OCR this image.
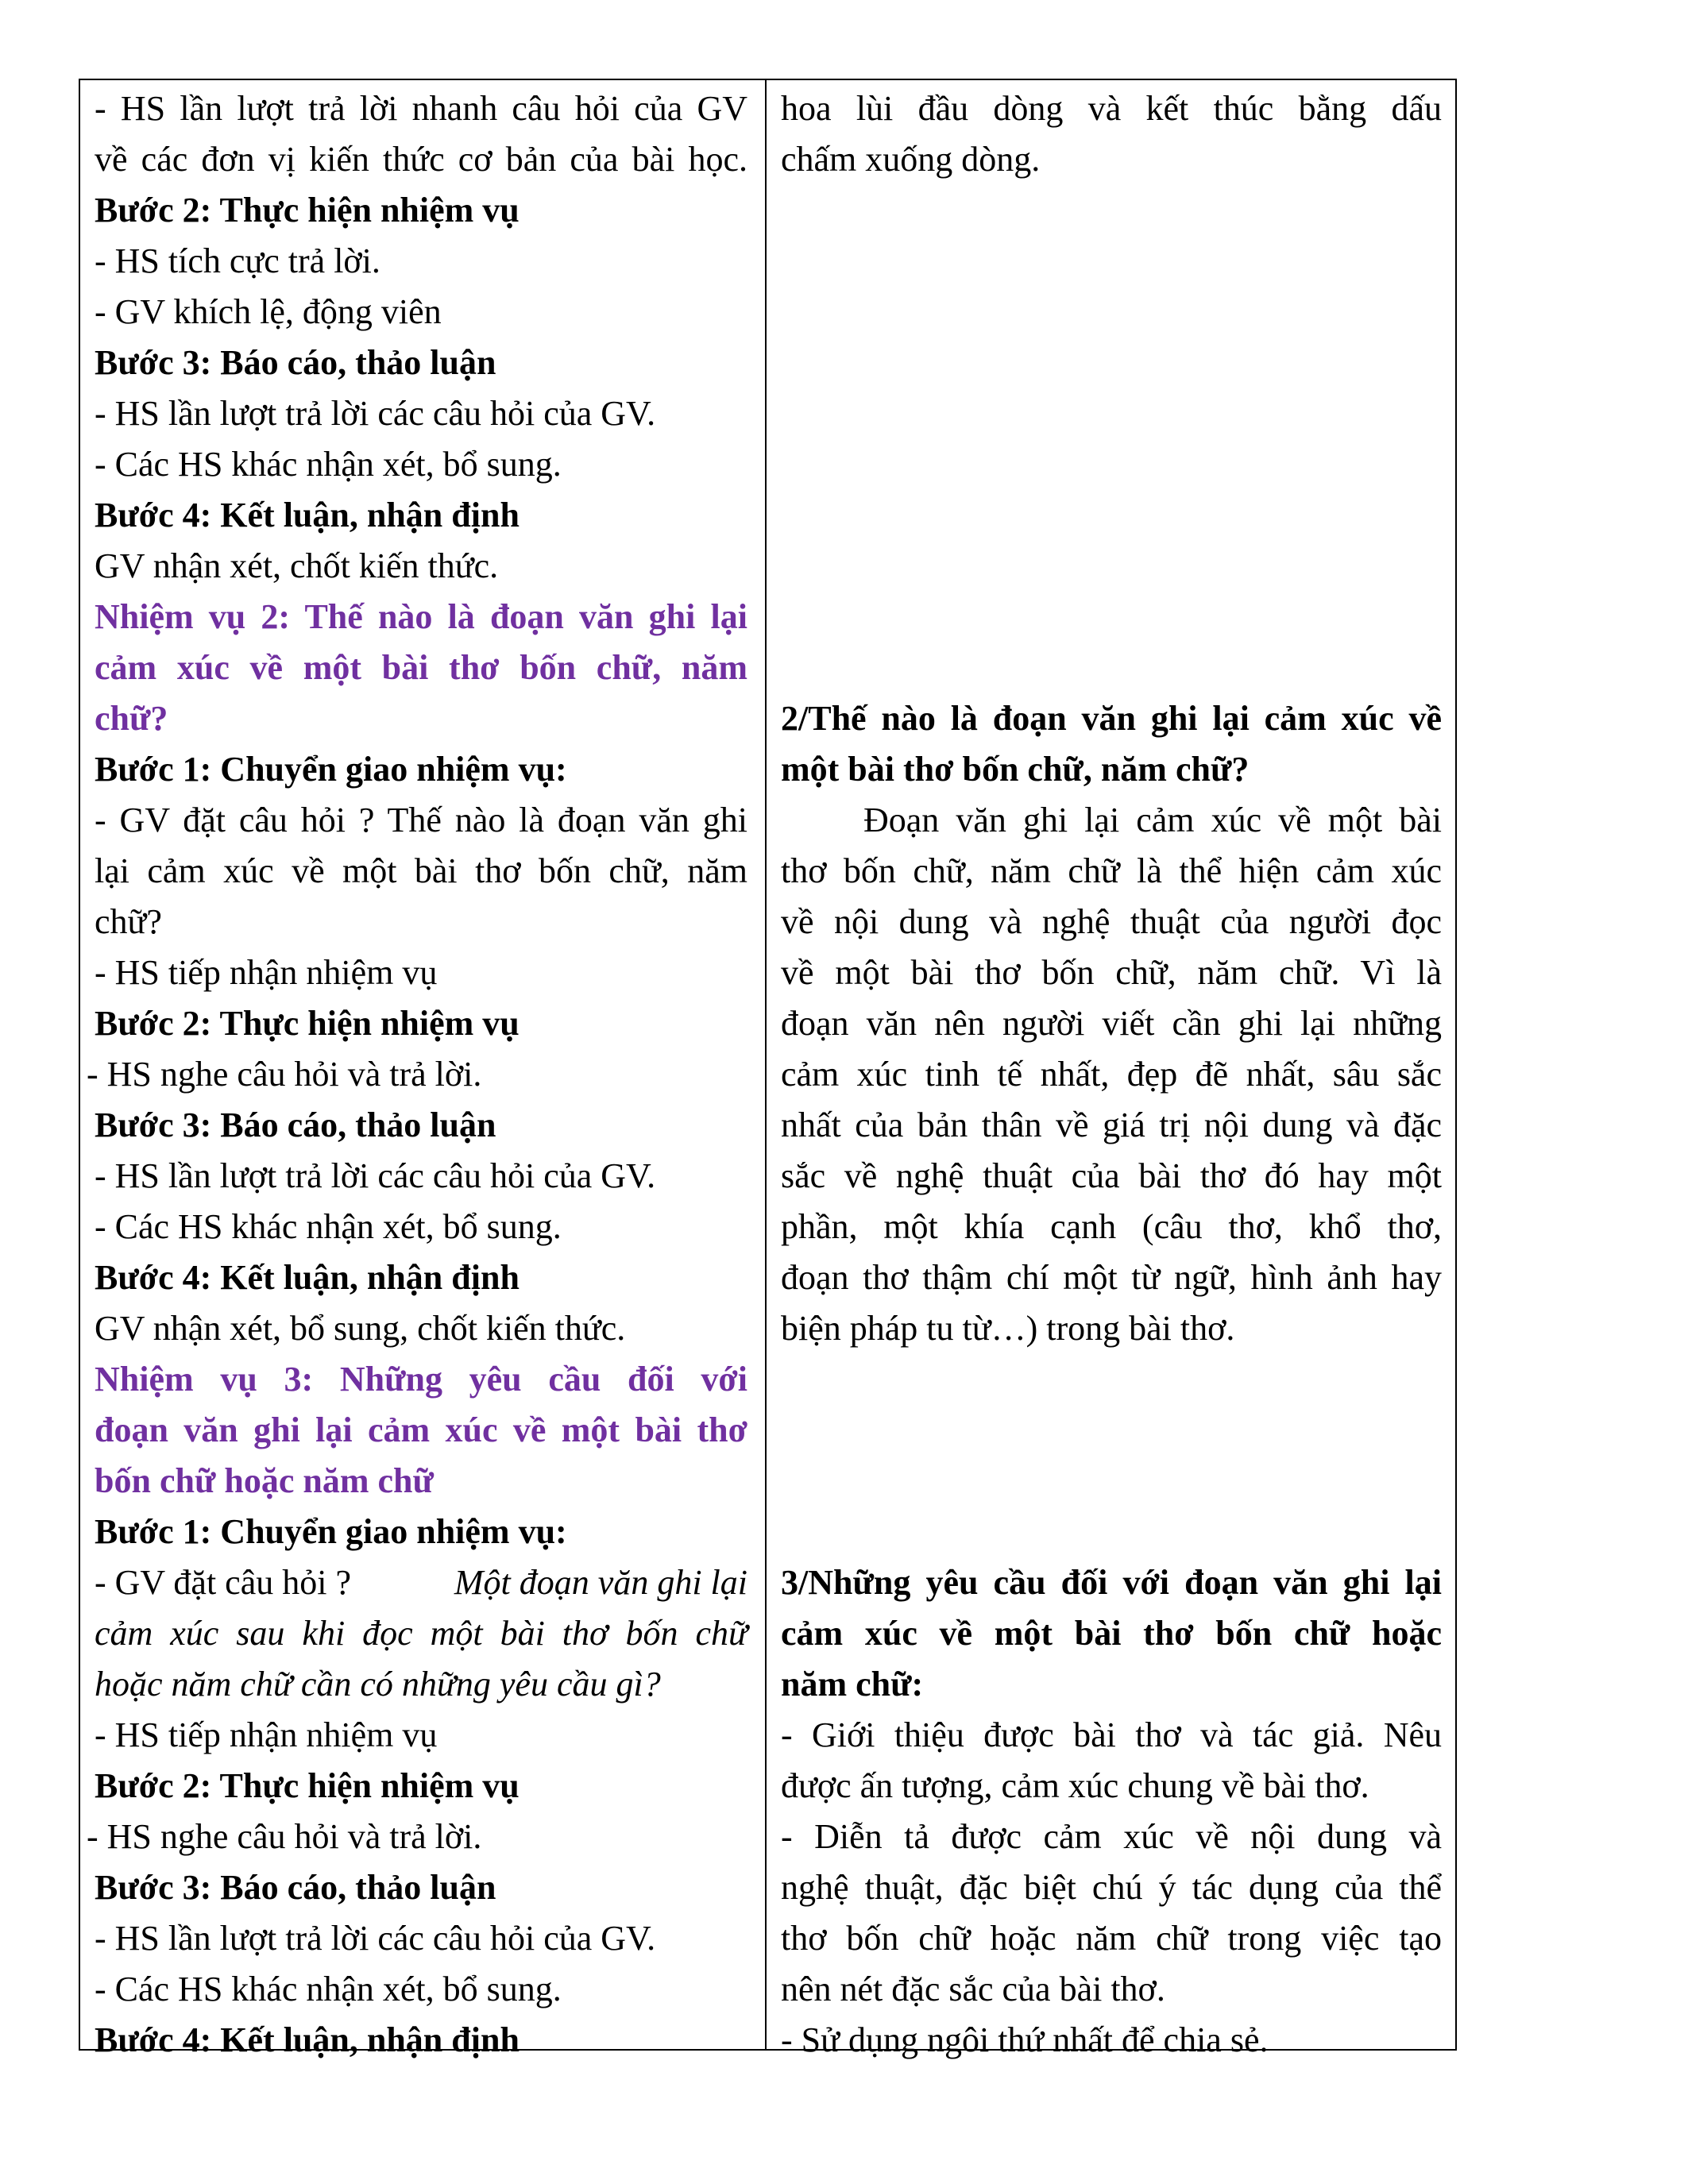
- HS lần lượt trả lời nhanh câu hỏi của GV
về các đơn vị kiến thức cơ bản của bài học.
Bước 2: Thực hiện nhiệm vụ
- HS tích cực trả lời.
- GV khích lệ, động viên
Bước 3: Báo cáo, thảo luận
- HS lần lượt trả lời các câu hỏi của GV.
- Các HS khác nhận xét, bổ sung.
Bước 4: Kết luận, nhận định
GV nhận xét, chốt kiến thức.
Nhiệm vụ 2: Thế nào là đoạn văn ghi lại
cảm xúc về một bài thơ bốn chữ, năm
chữ?
Bước 1: Chuyển giao nhiệm vụ:
- GV đặt câu hỏi ? Thế nào là đoạn văn ghi
lại cảm xúc về một bài thơ bốn chữ, năm
chữ?
- HS tiếp nhận nhiệm vụ
Bước 2: Thực hiện nhiệm vụ
- HS nghe câu hỏi và trả lời.
Bước 3: Báo cáo, thảo luận
- HS lần lượt trả lời các câu hỏi của GV.
- Các HS khác nhận xét, bổ sung.
Bước 4: Kết luận, nhận định
GV nhận xét, bổ sung, chốt kiến thức.
Nhiệm vụ 3: Những yêu cầu đối với
đoạn văn ghi lại cảm xúc về một bài thơ
bốn chữ hoặc năm chữ
Bước 1: Chuyển giao nhiệm vụ:
- GV đặt câu hỏi ?	Một đoạn văn ghi lại
cảm xúc sau khi đọc một bài thơ bốn chữ
hoặc năm chữ cần có những yêu cầu gì?
- HS tiếp nhận nhiệm vụ
Bước 2: Thực hiện nhiệm vụ
- HS nghe câu hỏi và trả lời.
Bước 3: Báo cáo, thảo luận
- HS lần lượt trả lời các câu hỏi của GV.
- Các HS khác nhận xét, bổ sung.
Bước 4: Kết luận, nhận định
hoa lùi đầu dòng và kết thúc bằng dấu
chấm xuống dòng.
2/Thế nào là đoạn văn ghi lại cảm xúc về
một bài thơ bốn chữ, năm chữ?
Đoạn văn ghi lại cảm xúc về một bài
thơ bốn chữ, năm chữ là thể hiện cảm xúc
về nội dung và nghệ thuật của người đọc
về một bài thơ bốn chữ, năm chữ. Vì là
đoạn văn nên người viết cần ghi lại những
cảm xúc tinh tế nhất, đẹp đẽ nhất, sâu sắc
nhất của bản thân về giá trị nội dung và đặc
sắc về nghệ thuật của bài thơ đó hay một
phần, một khía cạnh (câu thơ, khổ thơ,
đoạn thơ thậm chí một từ ngữ, hình ảnh hay
biện pháp tu từ…) trong bài thơ.
3/Những yêu cầu đối với đoạn văn ghi lại
cảm xúc về một bài thơ bốn chữ hoặc
năm chữ:
- Giới thiệu được bài thơ và tác giả. Nêu
được ấn tượng, cảm xúc chung về bài thơ.
- Diễn tả được cảm xúc về nội dung và
nghệ thuật, đặc biệt chú ý tác dụng của thể
thơ bốn chữ hoặc năm chữ trong việc tạo
nên nét đặc sắc của bài thơ.
- Sử dụng ngôi thứ nhất để chia sẻ.
